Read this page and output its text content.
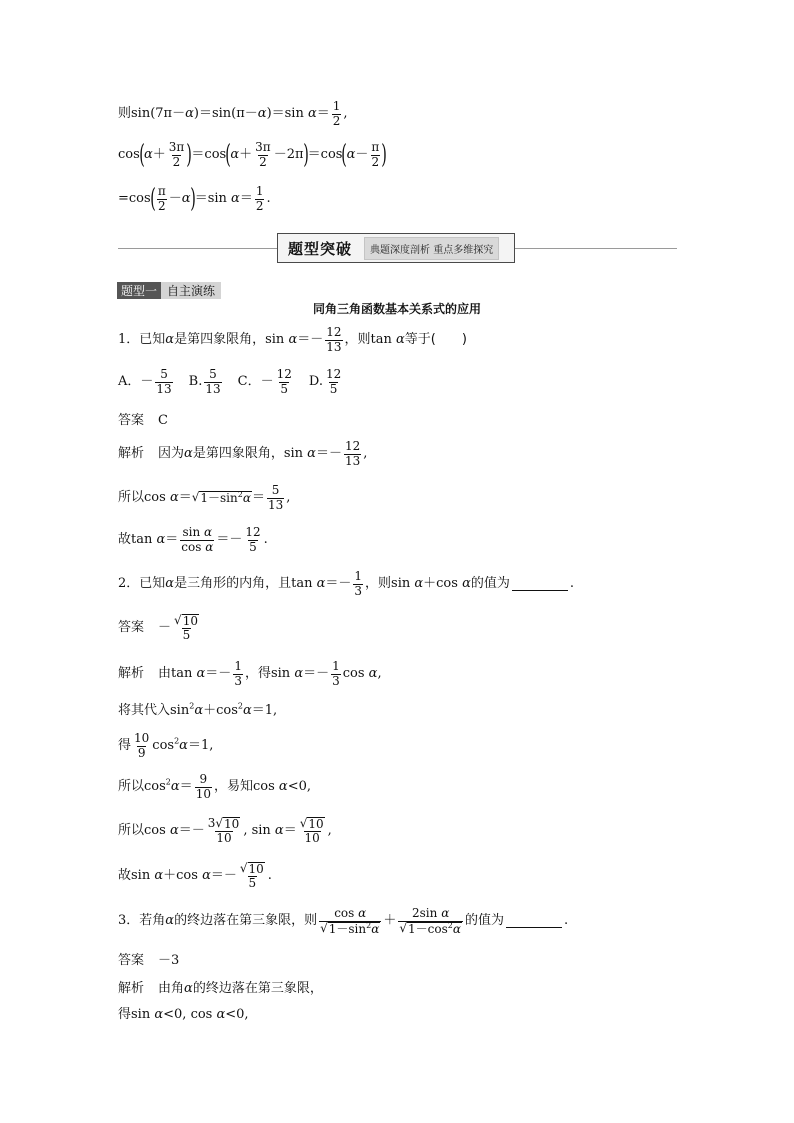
则 sin(7π－α)＝sin(π－α)＝sin $\alpha= \frac{1}{2}$ ,
cos ( $\alpha + \frac{3\pi}{2}$ ) ＝cos ( $\alpha + \frac{3\pi}{2} -2\pi$ ) ＝cos ( $\alpha - \frac{\pi}{2}$ )
= cos ( $\frac{\pi}{2} - \alpha$ ) ＝sin $\alpha= \frac{1}{2}$ .
题型突破	典题深度剖析 重点多维探究
题型一 自主演练
同角三角函数基本关系式的应用
1． 已知 α 是第四象限角， $\sin \alpha=- \frac{12}{13}$ ，则 tan α 等于(　　)
A．－ $\frac{5}{13} B$. $\frac{5}{13}$ C．－ $\frac{12}{5} D$. $\frac{12}{5}$
答案 C
解析 因为 α 是第四象限角， $\sin \alpha=- \frac{12}{13}$ ,
所以 cos α＝ √ $1-\sin^2\alpha = \frac{5}{13}$ ,
故 $\tan \alpha= \frac{\text{sin α}}{\text{cos α}} =- \frac{12}{5}$ .
2． 已知 α 是三角形的内角，且 $\tan \alpha=- \frac{1}{3}$ ，则 sin α＋cos α 的值为	.
答案 － $\frac{√ 10}{5}$
解析 由 $\tan \alpha=- \frac{1}{3}$ ，得 $\sin \alpha=- \frac{1}{3}$ cos α,
将其代入 $\sin^2\alpha+\cos^2\alpha=1$,
得 $\frac{10}{9} \cos^2\alpha=1$,
所以 $\cos^2\alpha= \frac{9}{10}$ ，易知 cos α<0,
所以 $\cos \alpha=- \frac{3 √ 10}{10}$ , $\sin \alpha= \frac{√ 10}{10}$ ,
故 sin α＋cos $\alpha=- \frac{√ 10}{5}$ .
3． 若角 α 的终边落在第三象限，则 $\frac{\text{cos α}}{√ 1-\sin^2\alpha} + \frac{\text{2sin α}}{√ 1-\cos^2\alpha}$ 的值为	.
答案 －3
解析 由角 α 的终边落在第三象限，
得 sin α<0, cos α<0,
